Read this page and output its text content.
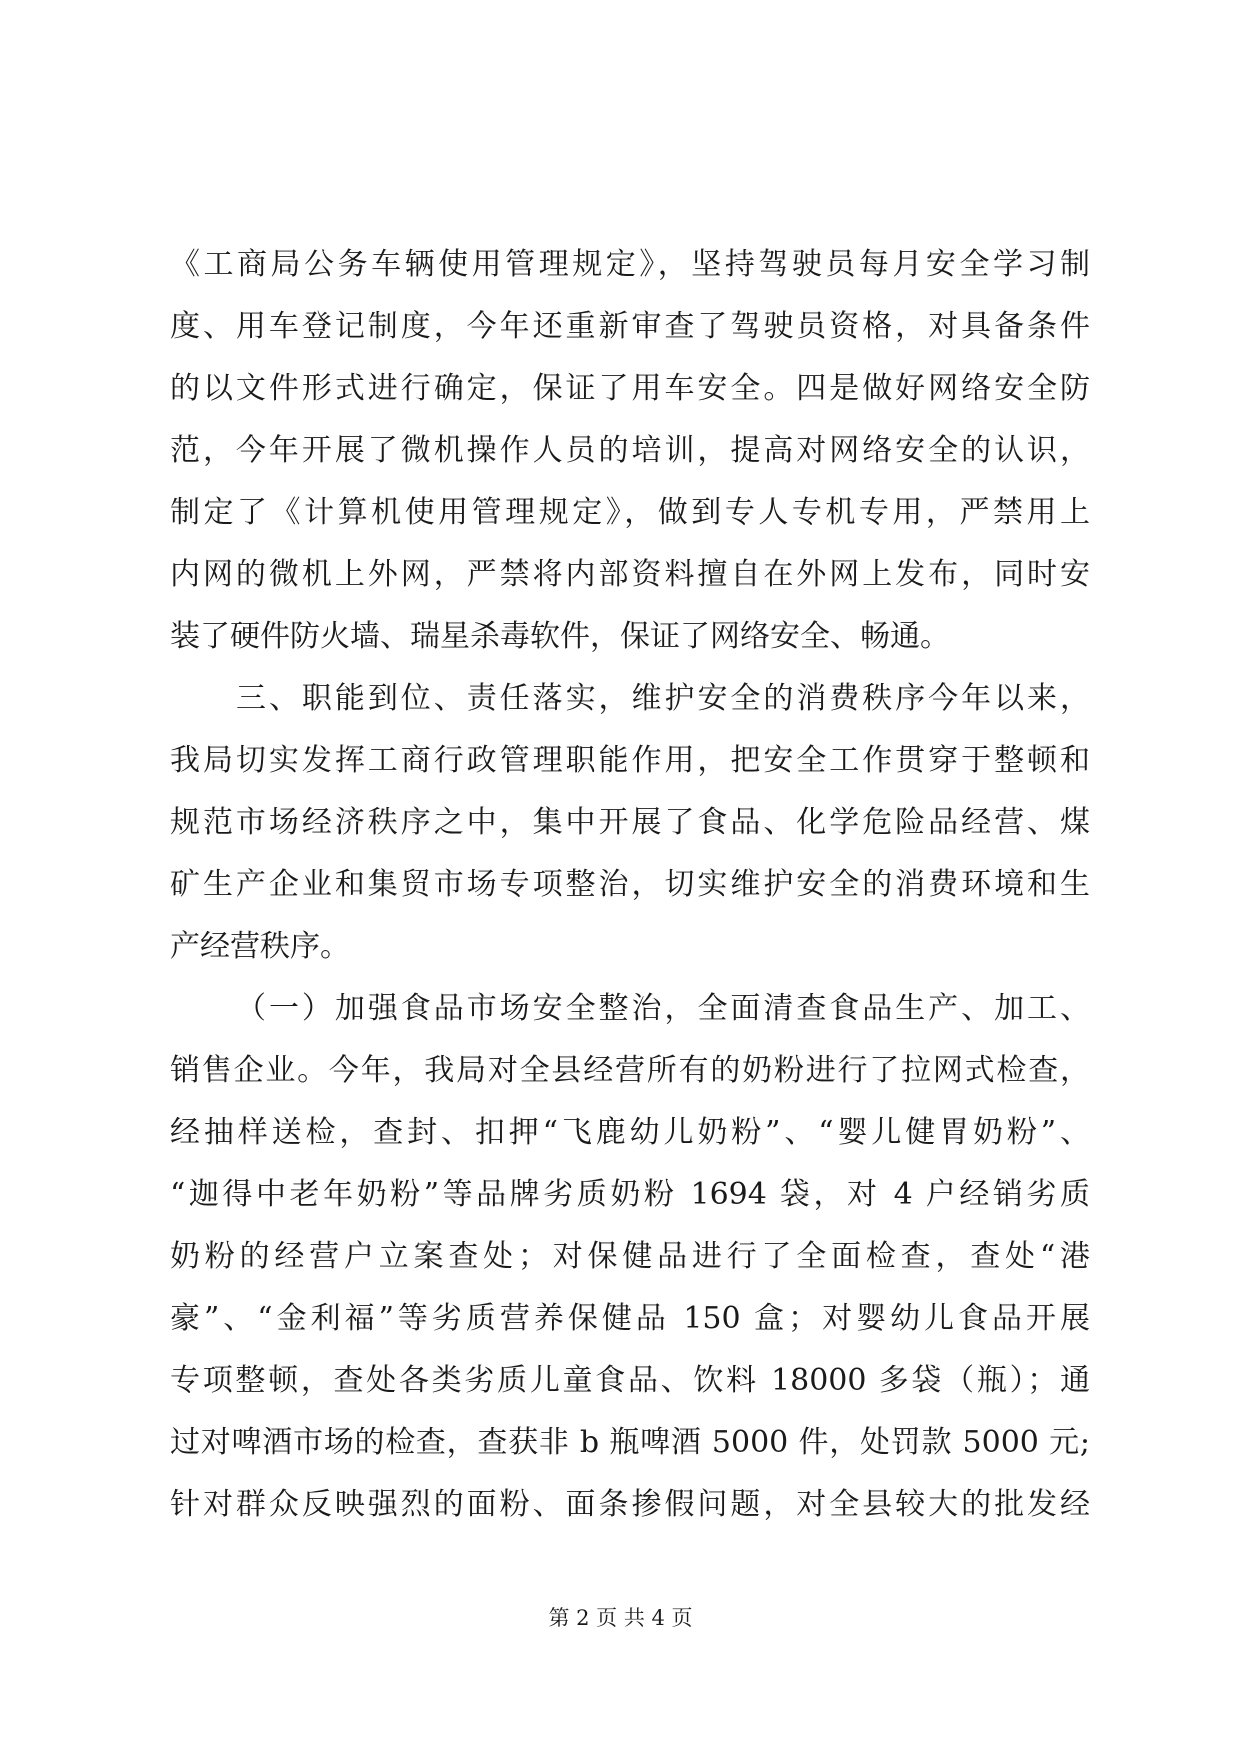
《工商局公务车辆使用管理规定》，坚持驾驶员每月安全学习制
度、用车登记制度，今年还重新审查了驾驶员资格，对具备条件
的以文件形式进行确定，保证了用车安全。四是做好网络安全防
范，今年开展了微机操作人员的培训，提高对网络安全的认识，
制定了《计算机使用管理规定》，做到专人专机专用，严禁用上
内网的微机上外网，严禁将内部资料擅自在外网上发布，同时安
装了硬件防火墙、瑞星杀毒软件，保证了网络安全、畅通。
三、职能到位、责任落实，维护安全的消费秩序今年以来，
我局切实发挥工商行政管理职能作用，把安全工作贯穿于整顿和
规范市场经济秩序之中，集中开展了食品、化学危险品经营、煤
矿生产企业和集贸市场专项整治，切实维护安全的消费环境和生
产经营秩序。
（一）加强食品市场安全整治，全面清查食品生产、加工、
销售企业。今年，我局对全县经营所有的奶粉进行了拉网式检查，
经抽样送检，查封、扣押“飞鹿幼儿奶粉”、“婴儿健胃奶粉”、
“迦得中老年奶粉”等品牌劣质奶粉 1694 袋，对 4 户经销劣质
奶粉的经营户立案查处；对保健品进行了全面检查，查处“港
豪”、“金利福”等劣质营养保健品 150 盒；对婴幼儿食品开展
专项整顿，查处各类劣质儿童食品、饮料 18000 多袋（瓶）；通
过对啤酒市场的检查，查获非 b 瓶啤酒 5000 件，处罚款 5000 元;
针对群众反映强烈的面粉、面条掺假问题，对全县较大的批发经
第 2 页 共 4 页
